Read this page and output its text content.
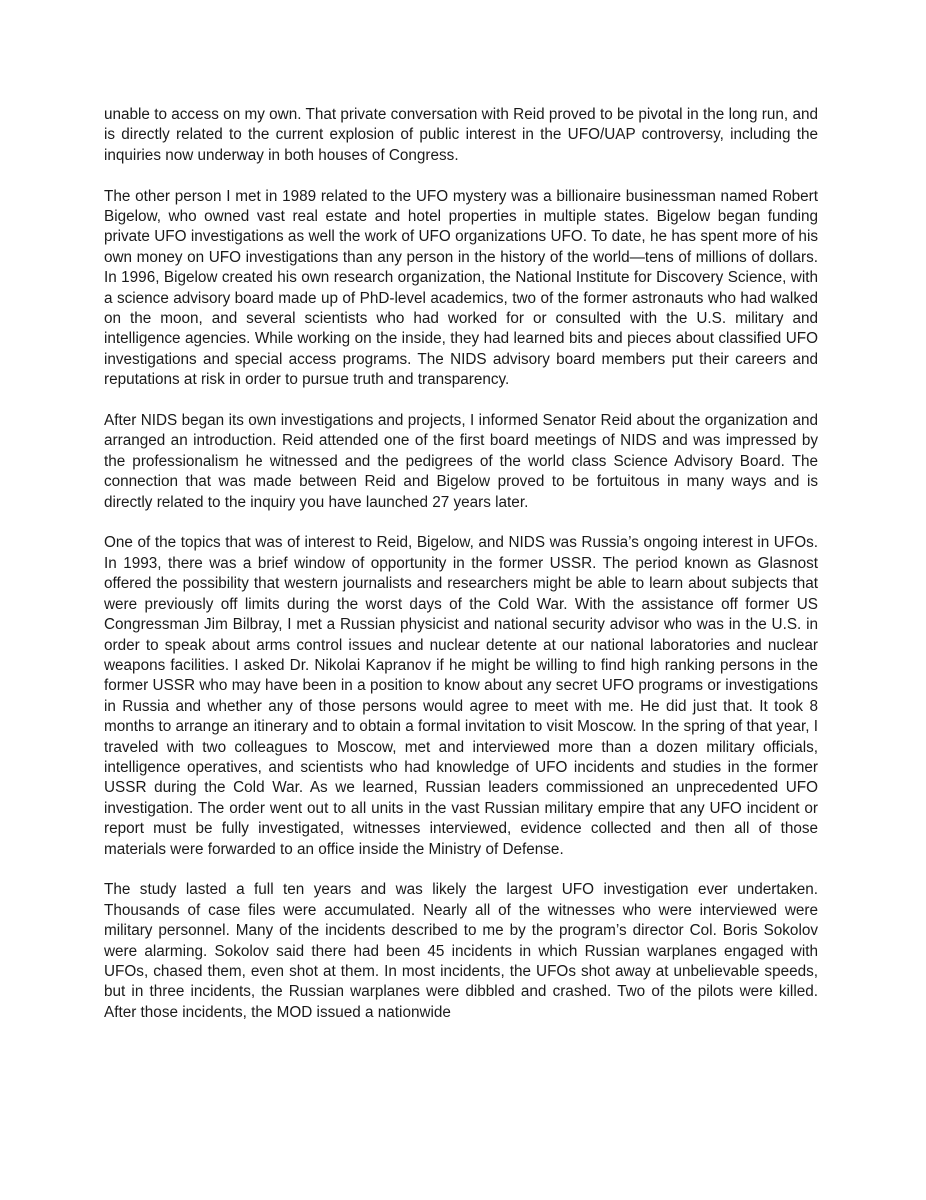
unable to access on my own. That private conversation with Reid proved to be pivotal in the long run, and is directly related to the current explosion of public interest in the UFO/UAP controversy, including the inquiries now underway in both houses of Congress.

The other person I met in 1989 related to the UFO mystery was a billionaire businessman named Robert Bigelow, who owned vast real estate and hotel properties in multiple states. Bigelow began funding private UFO investigations as well the work of UFO organizations UFO. To date, he has spent more of his own money on UFO investigations than any person in the history of the world—tens of millions of dollars. In 1996, Bigelow created his own research organization, the National Institute for Discovery Science, with a science advisory board made up of PhD-level academics, two of the former astronauts who had walked on the moon, and several scientists who had worked for or consulted with the U.S. military and intelligence agencies. While working on the inside, they had learned bits and pieces about classified UFO investigations and special access programs. The NIDS advisory board members put their careers and reputations at risk in order to pursue truth and transparency.

After NIDS began its own investigations and projects, I informed Senator Reid about the organization and arranged an introduction. Reid attended one of the first board meetings of NIDS and was impressed by the professionalism he witnessed and the pedigrees of the world class Science Advisory Board. The connection that was made between Reid and Bigelow proved to be fortuitous in many ways and is directly related to the inquiry you have launched 27 years later.

One of the topics that was of interest to Reid, Bigelow, and NIDS was Russia’s ongoing interest in UFOs. In 1993, there was a brief window of opportunity in the former USSR. The period known as Glasnost offered the possibility that western journalists and researchers might be able to learn about subjects that were previously off limits during the worst days of the Cold War. With the assistance off former US Congressman Jim Bilbray, I met a Russian physicist and national security advisor who was in the U.S. in order to speak about arms control issues and nuclear detente at our national laboratories and nuclear weapons facilities. I asked Dr. Nikolai Kapranov if he might be willing to find high ranking persons in the former USSR who may have been in a position to know about any secret UFO programs or investigations in Russia and whether any of those persons would agree to meet with me. He did just that. It took 8 months to arrange an itinerary and to obtain a formal invitation to visit Moscow. In the spring of that year, I traveled with two colleagues to Moscow, met and interviewed more than a dozen military officials, intelligence operatives, and scientists who had knowledge of UFO incidents and studies in the former USSR during the Cold War. As we learned, Russian leaders commissioned an unprecedented UFO investigation. The order went out to all units in the vast Russian military empire that any UFO incident or report must be fully investigated, witnesses interviewed, evidence collected and then all of those materials were forwarded to an office inside the Ministry of Defense.

The study lasted a full ten years and was likely the largest UFO investigation ever undertaken. Thousands of case files were accumulated. Nearly all of the witnesses who were interviewed were military personnel. Many of the incidents described to me by the program’s director Col. Boris Sokolov were alarming. Sokolov said there had been 45 incidents in which Russian warplanes engaged with UFOs, chased them, even shot at them. In most incidents, the UFOs shot away at unbelievable speeds, but in three incidents, the Russian warplanes were dibbled and crashed. Two of the pilots were killed. After those incidents, the MOD issued a nationwide
